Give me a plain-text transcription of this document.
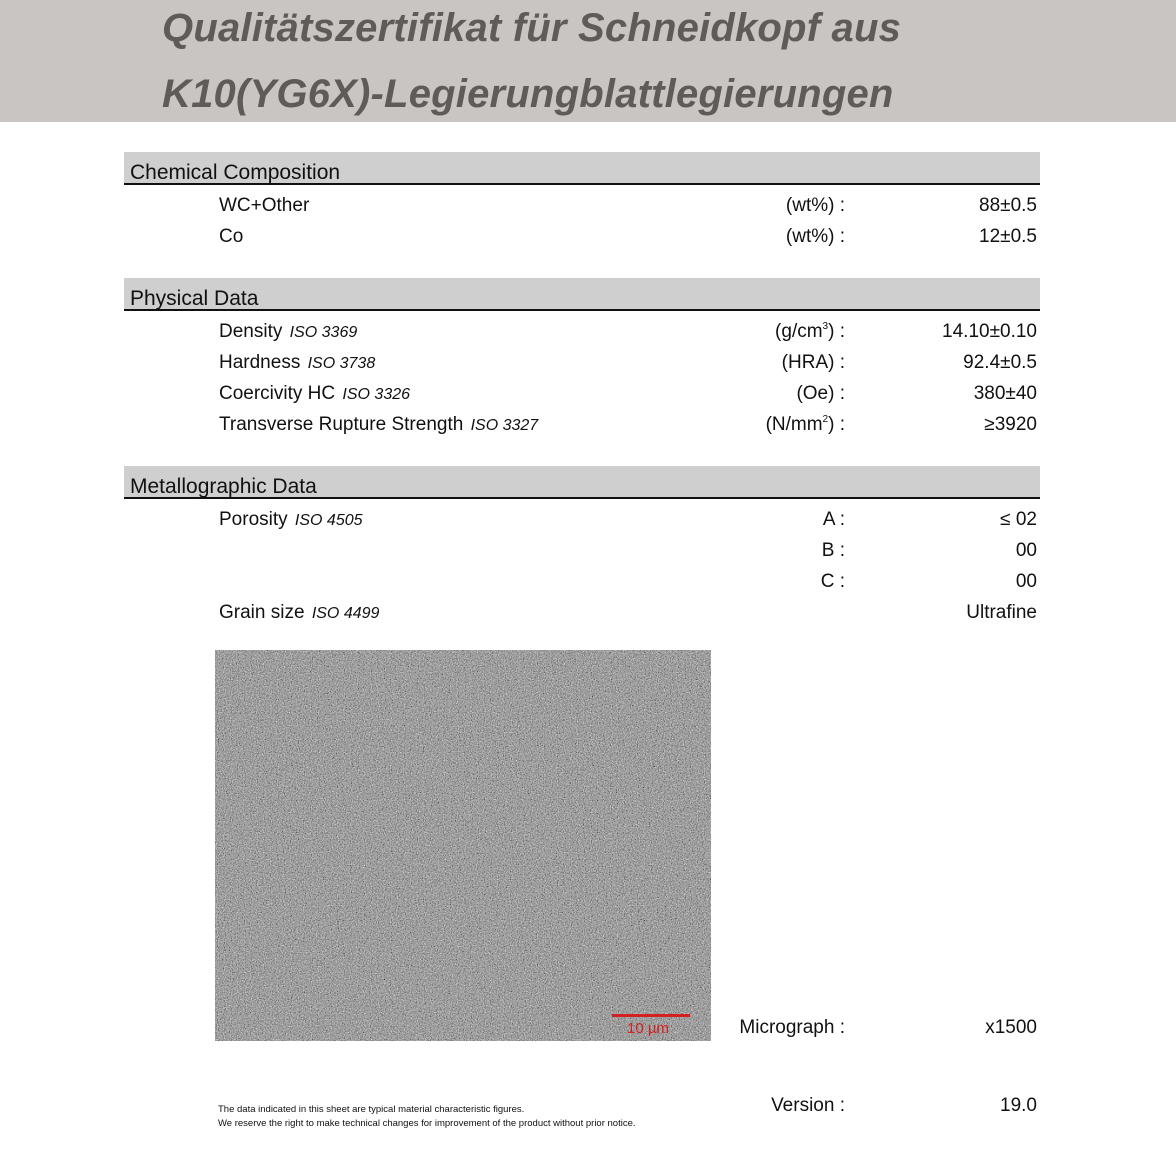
Qualitätszertifikat für Schneidkopf aus
K10(YG6X)-Legierungblattlegierungen
Chemical Composition
WC+Other	(wt%) :	88±0.5
Co	(wt%) :	12±0.5
Physical Data
Density ISO 3369	$(g/cm^3)$ :	14.10±0.10
Hardness ISO 3738	(HRA) :	92.4±0.5
Coercivity HC ISO 3326	(Oe) :	380±40
Transverse Rupture Strength ISO 3327	$(N/mm^2)$ :	≥3920
Metallographic Data
Porosity ISO 4505	A :	≤ 02
B :	00
C :	00
Grain size ISO 4499	Ultrafine
10 µm	Micrograph :	x1500
The data indicated in this sheet are typical material characteristic figures.
We reserve the right to make technical changes for improvement of the product without prior notice.
Version :	19.0
